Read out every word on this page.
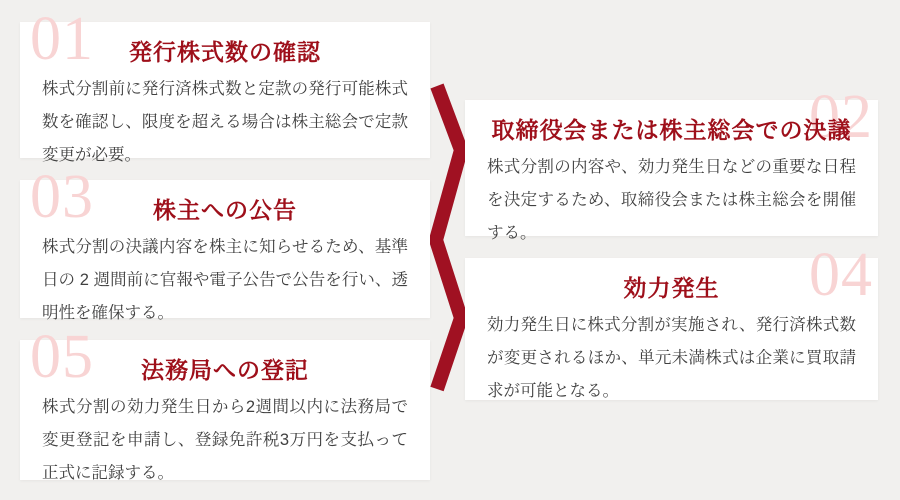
01	発行株式数の確認

株式分割前に発行済株式数と定款の発行可能株式数を確認し、限度を超える場合は株主総会で定款変更が必要。

02
取締役会または株主総会での決議

株式分割の内容や、効力発生日などの重要な日程を決定するため、取締役会または株主総会を開催する。

03	株主への公告

株式分割の決議内容を株主に知らせるため、基準日の 2 週間前に官報や電子公告で公告を行い、透明性を確保する。

04
効力発生

効力発生日に株式分割が実施され、発行済株式数が変更されるほか、単元未満株式は企業に買取請求が可能となる。

05	法務局への登記

株式分割の効力発生日から2週間以内に法務局で変更登記を申請し、登録免許税3万円を支払って正式に記録する。
